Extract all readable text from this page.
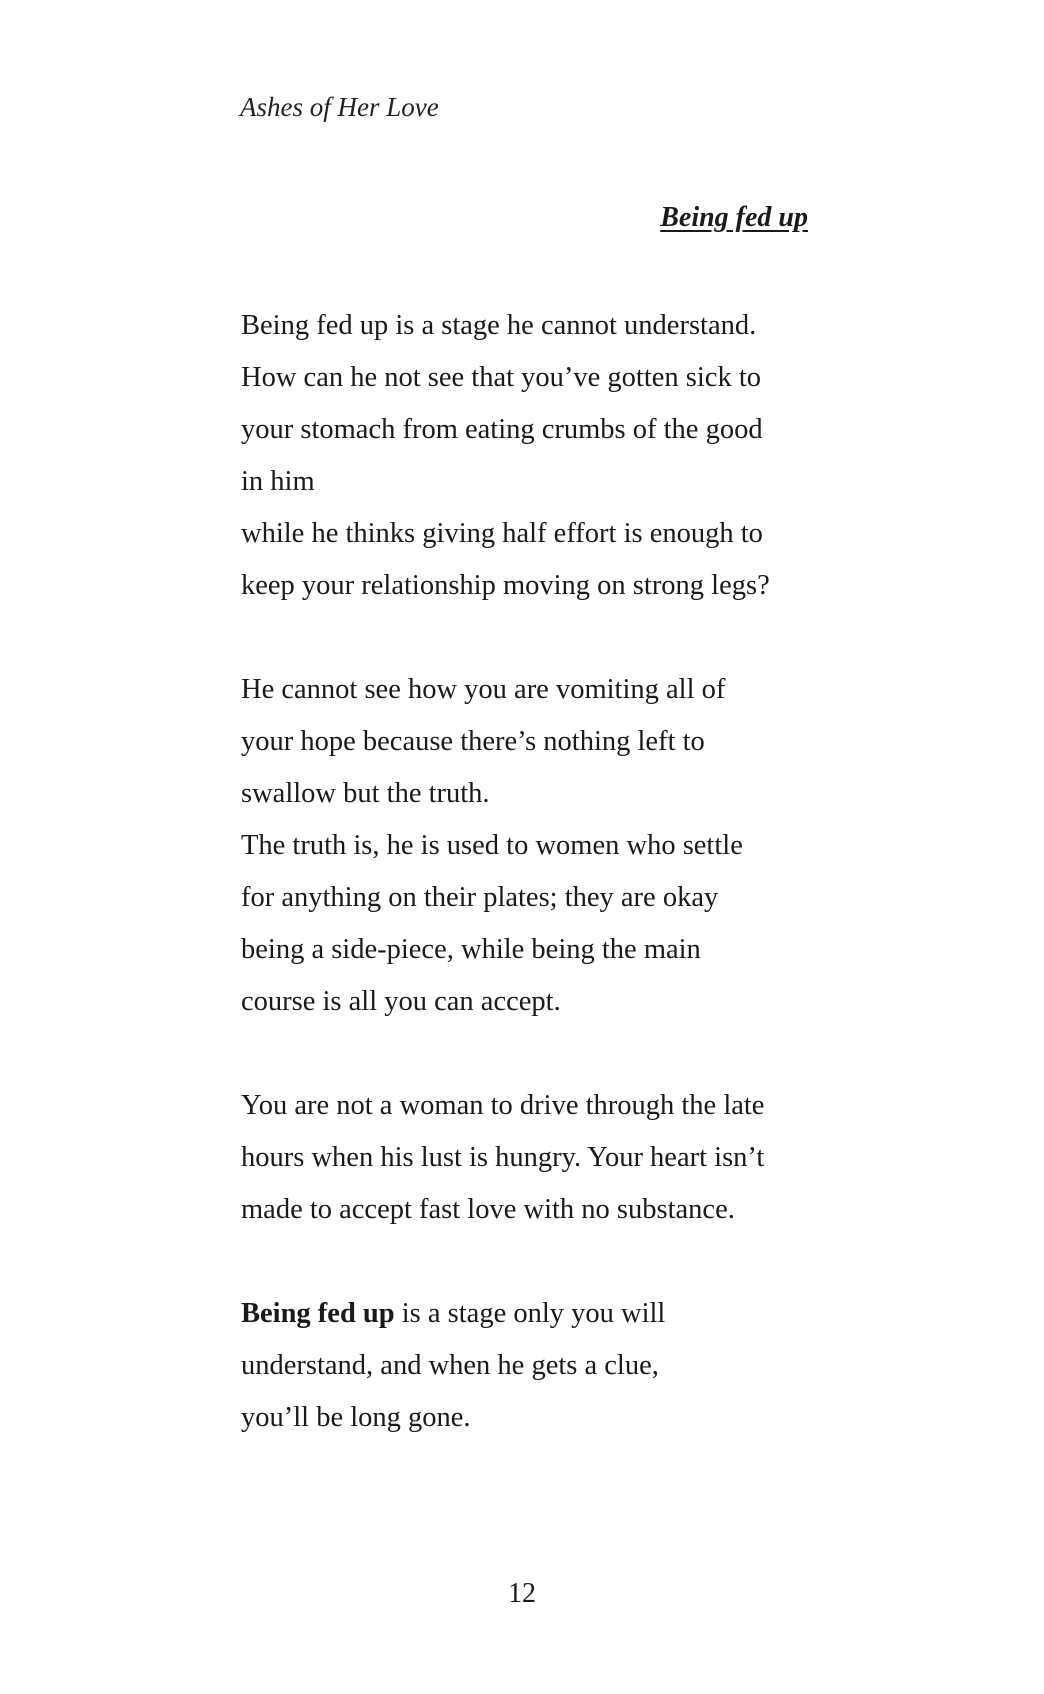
Ashes of Her Love
Being fed up
Being fed up is a stage he cannot understand.
How can he not see that you’ve gotten sick to
your stomach from eating crumbs of the good
in him
while he thinks giving half effort is enough to
keep your relationship moving on strong legs?
He cannot see how you are vomiting all of
your hope because there’s nothing left to
swallow but the truth.
The truth is, he is used to women who settle
for anything on their plates; they are okay
being a side-piece, while being the main
course is all you can accept.
You are not a woman to drive through the late
hours when his lust is hungry. Your heart isn’t
made to accept fast love with no substance.
Being fed up is a stage only you will
understand, and when he gets a clue,
you’ll be long gone.
12
